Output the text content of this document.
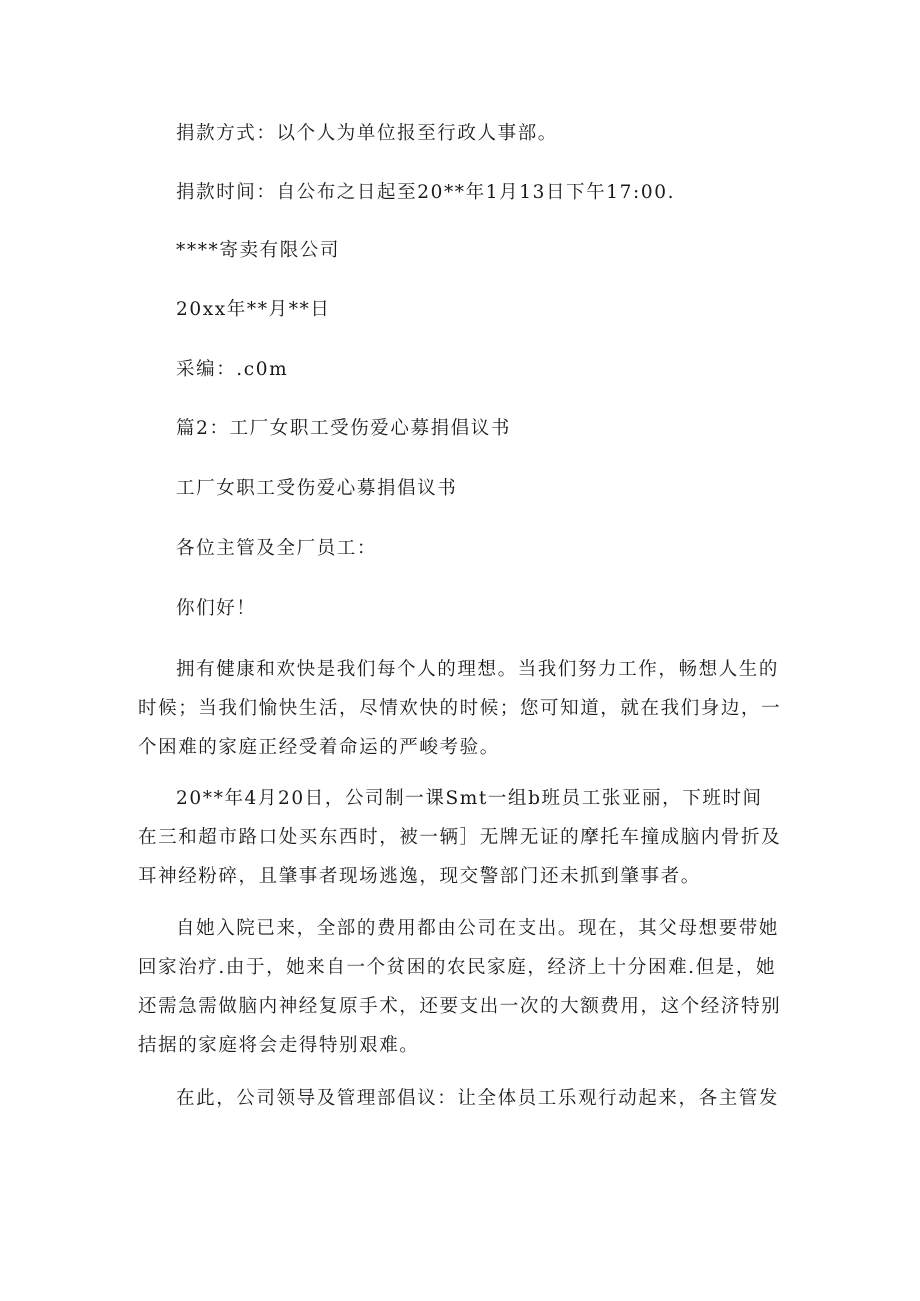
捐款方式：以个人为单位报至行政人事部。
捐款时间：自公布之日起至20**年1月13日下午17:00.
****寄卖有限公司
20xx年**月**日
采编：.c0m
篇2：工厂女职工受伤爱心募捐倡议书
工厂女职工受伤爱心募捐倡议书
各位主管及全厂员工：
你们好！
拥有健康和欢快是我们每个人的理想。当我们努力工作，畅想人生的
时候；当我们愉快生活，尽情欢快的时候；您可知道，就在我们身边，一
个困难的家庭正经受着命运的严峻考验。
20**年4月20日，公司制一课Smt一组b班员工张亚丽，下班时间
在三和超市路口处买东西时，被一辆］无牌无证的摩托车撞成脑内骨折及
耳神经粉碎，且肇事者现场逃逸，现交警部门还未抓到肇事者。
自她入院已来，全部的费用都由公司在支出。现在，其父母想要带她
回家治疗.由于，她来自一个贫困的农民家庭，经济上十分困难.但是，她
还需急需做脑内神经复原手术，还要支出一次的大额费用，这个经济特别
拮据的家庭将会走得特别艰难。
在此，公司领导及管理部倡议：让全体员工乐观行动起来，各主管发
